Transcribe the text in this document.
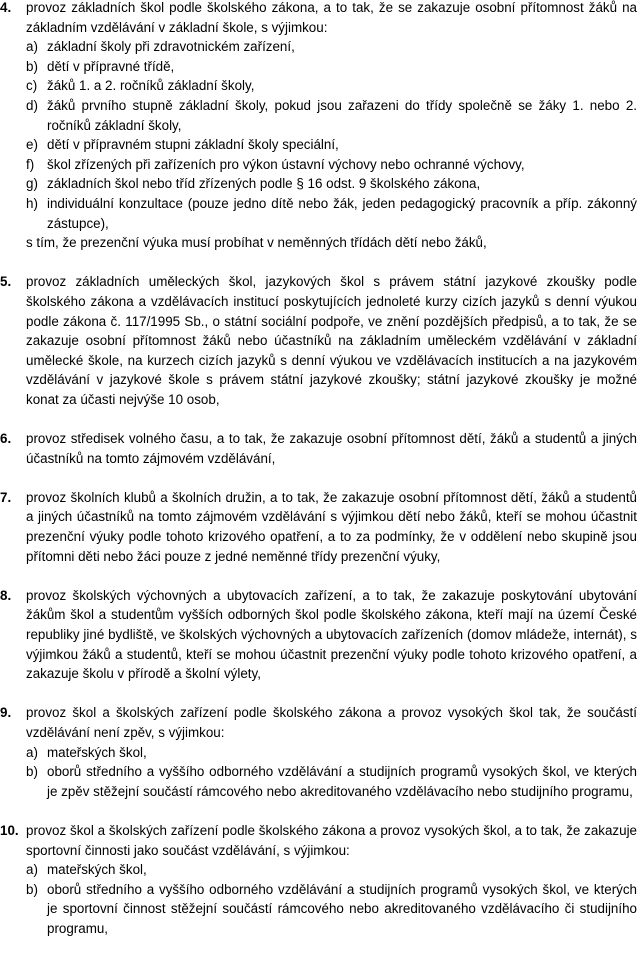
4. provoz základních škol podle školského zákona, a to tak, že se zakazuje osobní přítomnost žáků na základním vzdělávání v základní škole, s výjimkou:

a) základní školy při zdravotnickém zařízení,
b) dětí v přípravné třídě,
c) žáků 1. a 2. ročníků základní školy,
d) žáků prvního stupně základní školy, pokud jsou zařazeni do třídy společně se žáky 1. nebo 2. ročníků základní školy,
e) dětí v přípravném stupni základní školy speciální,
f) škol zřízených při zařízeních pro výkon ústavní výchovy nebo ochranné výchovy,
g) základních škol nebo tříd zřízených podle § 16 odst. 9 školského zákona,
h) individuální konzultace (pouze jedno dítě nebo žák, jeden pedagogický pracovník a příp. zákonný zástupce),

s tím, že prezenční výuka musí probíhat v neměnných třídách dětí nebo žáků,

5. provoz základních uměleckých škol, jazykových škol s právem státní jazykové zkoušky podle školského zákona a vzdělávacích institucí poskytujících jednoleté kurzy cizích jazyků s denní výukou podle zákona č. 117/1995 Sb., o státní sociální podpoře, ve znění pozdějších předpisů, a to tak, že se zakazuje osobní přítomnost žáků nebo účastníků na základním uměleckém vzdělávání v základní umělecké škole, na kurzech cizích jazyků s denní výukou ve vzdělávacích institucích a na jazykovém vzdělávání v jazykové škole s právem státní jazykové zkoušky; státní jazykové zkoušky je možné konat za účasti nejvýše 10 osob,

6. provoz středisek volného času, a to tak, že zakazuje osobní přítomnost dětí, žáků a studentů a jiných účastníků na tomto zájmovém vzdělávání,

7. provoz školních klubů a školních družin, a to tak, že zakazuje osobní přítomnost dětí, žáků a studentů a jiných účastníků na tomto zájmovém vzdělávání s výjimkou dětí nebo žáků, kteří se mohou účastnit prezenční výuky podle tohoto krizového opatření, a to za podmínky, že v oddělení nebo skupině jsou přítomni děti nebo žáci pouze z jedné neměnné třídy prezenční výuky,

8. provoz školských výchovných a ubytovacích zařízení, a to tak, že zakazuje poskytování ubytování žákům škol a studentům vyšších odborných škol podle školského zákona, kteří mají na území České republiky jiné bydliště, ve školských výchovných a ubytovacích zařízeních (domov mládeže, internát), s výjimkou žáků a studentů, kteří se mohou účastnit prezenční výuky podle tohoto krizového opatření, a zakazuje školu v přírodě a školní výlety,

9. provoz škol a školských zařízení podle školského zákona a provoz vysokých škol tak, že součástí vzdělávání není zpěv, s výjimkou:

a) mateřských škol,
b) oborů středního a vyššího odborného vzdělávání a studijních programů vysokých škol, ve kterých je zpěv stěžejní součástí rámcového nebo akreditovaného vzdělávacího nebo studijního programu,
10. provoz škol a školských zařízení podle školského zákona a provoz vysokých škol, a to tak, že zakazuje sportovní činnosti jako součást vzdělávání, s výjimkou:

a) mateřských škol,
b) oborů středního a vyššího odborného vzdělávání a studijních programů vysokých škol, ve kterých je sportovní činnost stěžejní součástí rámcového nebo akreditovaného vzdělávacího či studijního programu,
